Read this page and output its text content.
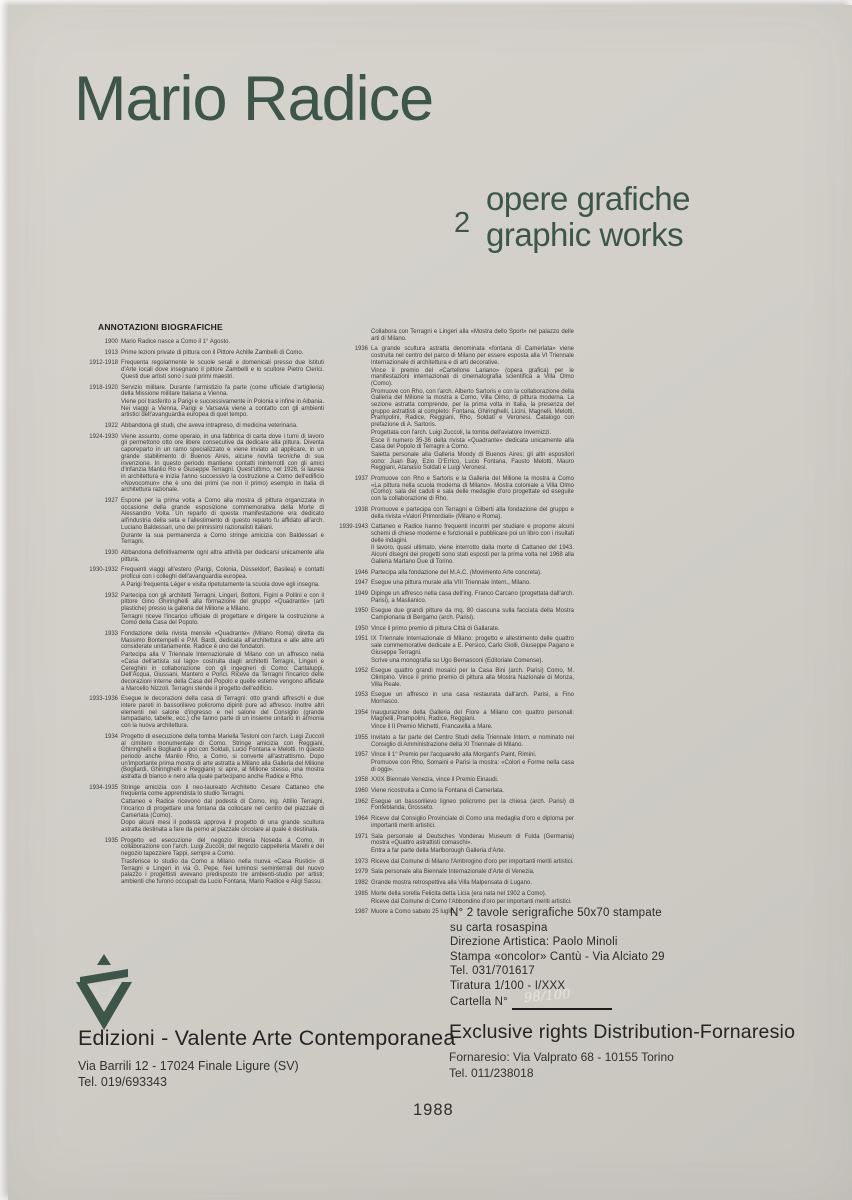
Mario Radice
2
opere grafiche
graphic works
ANNOTAZIONI BIOGRAFICHE
1900 Mario Radice nasce a Como il 1° Agosto.
1913 Prime lezioni private di pittura con il Pittore Achille Zambelli di Como.
1912-1918 Frequenta regolarmente le scuole serali e domenicali presso due Istituti d'Arte locali dove insegnano il pittore Zambelli e lo scultore Pietro Clerici. Questi due artisti sono i suoi primi maestri.
1918-1920 Servizio militare. Durante l'armistizio fa parte (come ufficiale d'artiglieria) della Missione militare Italiana a Vienna.
Viene poi trasferito a Parigi e successivamente in Polonia e infine in Albania. Nei viaggi a Vienna, Parigi e Varsavia viene a contatto con gli ambienti artistici dell'avanguardia europea di quel tempo.
1922 Abbandona gli studi, che aveva intrapreso, di medicina veterinaria.
1924-1930 Viene assunto, come operaio, in una fabbrica di carta dove i turni di lavoro gli permettono otto ore libere consecutive da dedicare alla pittura. Diventa caporeparto in un ramo specializzato e viene inviato ad applicare, in un grande stabilimento di Buenos Aires, alcune novità tecniche di sua invenzione. In questo periodo mantiene contatti ininterrotti con gli amici d'infanzia Manlio Ro e Giuseppe Terragni. Quest'ultimo, nel 1926, si laurea in architettura e inizia l'anno successivo la costruzione a Como dell'edificio «Novocomun» che è uno dei primi (se non il primo) esempio in Italia di architettura razionale.
1927 Espone per la prima volta a Como alla mostra di pittura organizzata in occasione della grande esposizione commemorativa della Morte di Alessandro Volta. Un reparto di questa manifestazione era dedicato all'industria della seta e l'allestimento di questo reparto fu affidato all'arch. Luciano Baldessari, uno dei primissimi razionalisti italiani.
Durante la sua permanenza a Como stringe amicizia con Baldessari e Terragni.
1930 Abbandona definitivamente ogni altra attività per dedicarsi unicamente alla pittura.
1930-1932 Frequenti viaggi all'estero (Parigi, Colonia, Düsseldorf, Basilea) e contatti proficui con i colleghi dell'avanguardia europea.
A Parigi frequenta Léger e visita ripetutamente la scuola dove egli insegna.
1932 Partecipa con gli architetti Terragni, Lingeri, Bottoni, Figini e Pollini e con il pittore Gino Ghiringhelli alla formazione del gruppo «Quadrante» (arti plastiche) presso la galleria del Milione a Milano.
Terragni riceve l'incarico ufficiale di progettare e dirigere la costruzione a Como della Casa del Popolo.
1933 Fondazione della rivista mensile «Quadrante» (Milano Roma) diretta da Massimo Bontempelli e P.M. Bardi, dedicata all'architettura e alle altre arti considerate unitariamente. Radice è uno dei fondatori.
Partecipa alla V Triennale Internazionale di Milano con un affresco nella «Casa dell'artista sul lago» costruita dagli architetti Terragni, Lingeri e Cereghini in collaborazione con gli ingegneri di Como: Cantaluppi, Dell'Acqua, Giussani, Mantero e Ponci. Riceve da Terragni l'incarico delle decorazioni interne della Casa del Popolo e quelle esterne vengono affidate a Marcello Nizzoli. Terragni stende il progetto dell'edificio.
1933-1936 Esegue le decorazioni della casa di Terragni: otto grandi affreschi e due intere pareti in bassorilievo policromo dipinti pure ad affresco. Inoltre altri elementi nel salone d'ingresso e nel salone del Consiglio (grande lampadario, tabelle, ecc.) che fanno parte di un insieme unitario in armonia con la nuova architettura.
1934 Progetto di esecuzione della tomba Mariella Testoni con l'arch. Luigi Zuccoli al cimitero monumentale di Como. Stringe amicizia con Reggiani, Ghiringhelli e Bogliardi e poi con Soldati, Lucio Fontana e Melotti. In questo periodo anche Manlio Rho, a Como, si converte all'astrattismo. Dopo un'importante prima mostra di arte astratta a Milano alla Galleria del Milione (Bogliardi, Ghiringhelli e Reggiani) si apre, al Milione stesso, una mostra astratta di bianco e nero alla quale partecipano anche Radice e Rho.
1934-1935 Stringe amicizia con il neo-laureato Architetto Cesare Cattaneo che frequenta come apprendista lo studio Terragni.
Cattaneo e Radice ricevono dal podestà di Como, ing. Attilio Terragni, l'incarico di progettare una fontana da collocare nel centro del piazzale di Camerlata (Como).
Dopo alcuni mesi il podestà approva il progetto di una grande scultura astratta destinata a fare da perno al piazzale circolare al quale è destinata.
1935 Progetto ed esecuzione del negozio libreria Noseda a Como, in collaborazione con l'arch. Luigi Zuccoli, del negozio cappelleria Marelli e del negozio tapezziere Tappi, sempre a Como.
Trasferisce lo studio da Como a Milano nella nuova «Casa Rustici» di Terragni e Lingeri in via G. Pepe. Nei luminosi seminterrati del nuovo palazzo i progettisti avevano predisposto tre ambienti-studio per artisti; ambienti che furono occupati da Lucio Fontana, Mario Radice e Aligi Sassu.
Collabora con Terragni e Lingeri alla «Mostra dello Sport» nel palazzo delle arti di Milano.
1936 La grande scultura astratta denominata «fontana di Camerlata» viene costruita nel centro del parco di Milano per essere esposta alla VI Triennale Internazionale di architettura e di arti decorative.
Vince il premio del «Cartellone Lariano» (opera grafica) per le manifestazioni internazionali di cinematografia scientifica a Villa Olmo (Como).
Promuove con Rho, con l'arch. Alberto Sartoris e con la collaborazione della Galleria del Milione la mostra a Como, Villa Olmo, di pittura moderna. La sezione astratta comprende, per la prima volta in Italia, la presenza del gruppo astrattisti al completo: Fontana, Ghiringhelli, Licini, Magnelli, Melotti, Prampolini, Radice, Reggiani, Rho, Soldati e Veronesi. Catalogo con prefazione di A. Sartoris.
Progettata con l'arch. Luigi Zuccoli, la tomba dell'aviatore Invernizzi.
Esce il numero 35-36 della rivista «Quadrante» dedicata unicamente alla Casa del Popolo di Terragni a Como.
Saletta personale alla Galleria Moody di Buenos Aires; gli altri espositori sono: Juan Bay, Ezio D'Errico, Lucio Fontana, Fausto Melotti, Mauro Reggiani, Atanasio Soldati e Luigi Veronesi.
1937 Promuove con Rho e Sartoris e la Galleria del Milione la mostra a Como «La pittura nella scuola moderna di Milano». Mostra coloniale a Villa Olmo (Como): sala dei caduti e sala delle medaglie d'oro progettate ed eseguite con la collaborazione di Rho.
1938 Promuove e partecipa con Terragni e Gilberti alla fondazione del gruppo e della rivista «Valori Primordiali» (Milano e Roma).
1939-1943 Cattaneo e Radice hanno frequenti incontri per studiare e proporre alcuni schemi di chiese moderne e funzionali e pubblicare poi un libro con i risultati delle indagini.
Il lavoro, quasi ultimato, viene interrotto dalla morte di Cattaneo del 1943. Alcuni disegni dei progetti sono stati esposti per la prima volta nel 1968 alla Galleria Martano Due di Torino.
1946 Partecipa alla fondazione del M.A.C. (Movimento Arte concreta).
1947 Esegue una pittura murale alla VIII Triennale Intern., Milano.
1949 Dipinge un affresco nella casa dell'ing. Franco Carcano (progettata dall'arch. Parisi), a Maslianico.
1950 Esegue due grandi pitture da mq. 80 ciascuna sulla facciata della Mostra Campionaria di Bergamo (arch. Parisi).
1950 Vince il primo premio di pittura Città di Gallarate.
1951 IX Triennale Internazionale di Milano: progetto e allestimento delle quattro sale commemorative dedicate a E. Persico, Carlo Giolli, Giuseppe Pagano e Giuseppe Terragni.
Scrive una monografia su Ugo Bernasconi (Editoriale Comense).
1952 Esegue quattro grandi mosaici per la Casa Bini (arch. Parisi) Como, M. Olimpino. Vince il primo premio di pittura alla Mostra Nazionale di Monza, Villa Reale.
1953 Esegue un affresco in una casa restaurata dall'arch. Parisi, a Fino Mornasco.
1954 Inaugurazione della Galleria del Fiore a Milano con quattro personali: Magnelli, Prampolini, Radice, Reggiani.
Vince il II Premio Michetti, Francavilla a Mare.
1955 Invitato a far parte del Centro Studi della Triennale Intern. e nominato nel Consiglio di Amministrazione della XI Triennale di Milano.
1957 Vince il 1° Premio per l'acquarello alla Morgant's Paint, Rimini.
Promuove con Rho, Somaini e Parisi la mostra: «Colori e Forme nella casa di oggi».
1958 XXIX Biennale Venezia, vince il Premio Einaudi.
1960 Viene ricostruita a Como la Fontana di Camerlata.
1962 Esegue un bassorilievo ligneo policromo per la chiesa (arch. Parisi) di Fonteblanda, Grosseto.
1964 Riceve dal Consiglio Provinciale di Como una medaglia d'oro e diploma per importanti meriti artistici.
1971 Sala personale al Deutsches Vonderau Museum di Fulda (Germania) mostra «Quattro astrattisti comaschi».
Entra a far parte della Marlborough Galleria d'Arte.
1973 Riceve dal Comune di Milano l'Ambrogino d'oro per importanti meriti artistici.
1979 Sala personale alla Biennale Internazionale d'Arte di Venezia.
1982 Grande mostra retrospettiva alla Villa Malpensata di Lugano.
1985 Morte della sorella Felicita detta Licia (era nata nel 1902 a Como).
Riceve dal Comune di Como l'Abbondino d'oro per importanti meriti artistici.
1987 Muore a Como sabato 25 luglio.
N° 2 tavole serigrafiche 50x70 stampate
su carta rosaspina
Direzione Artistica: Paolo Minoli
Stampa «oncolor» Cantù - Via Alciato 29
Tel. 031/701617
Tiratura 1/100 - I/XXX
Cartella N° 98/100
Edizioni - Valente Arte Contemporanea
Via Barrili 12 - 17024 Finale Ligure (SV)
Tel. 019/693343
Exclusive rights Distribution-Fornaresio
Fornaresio: Via Valprato 68 - 10155 Torino
Tel. 011/238018
1988
